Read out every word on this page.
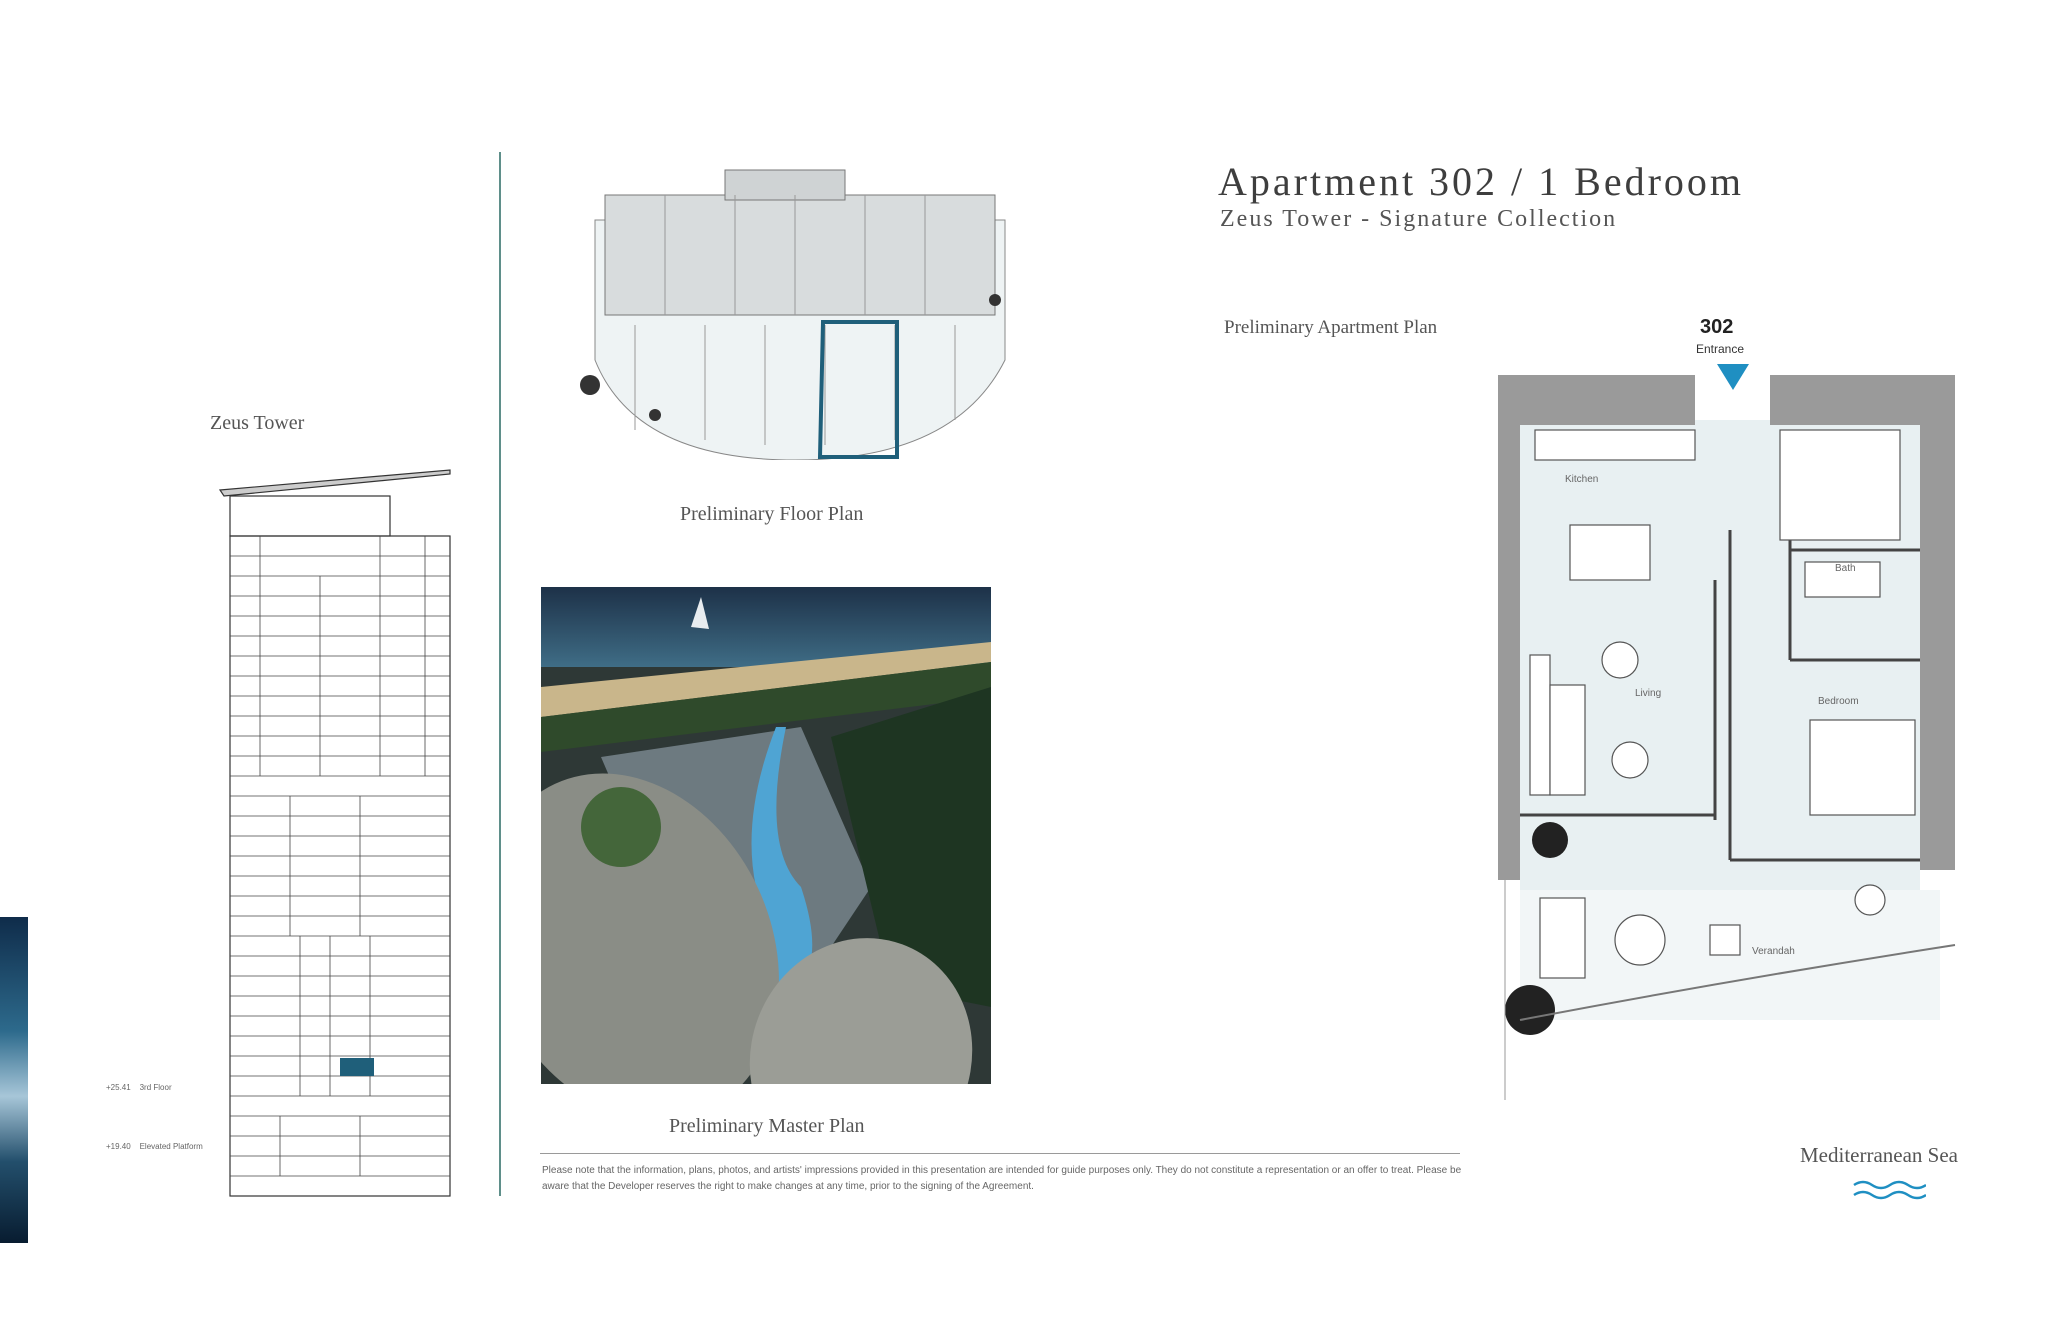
Apartment 302 / 1 Bedroom
Zeus Tower - Signature Collection
Zeus Tower
+25.41 3rd Floor
+19.40 Elevated Platform
Preliminary Floor Plan
Preliminary Master Plan
Preliminary Apartment Plan	302
Entrance
Kitchen
Bath
Living
Bedroom
Verandah
Please note that the information, plans, photos, and artists' impressions provided in this presentation are intended for guide purposes only. They do not constitute a representation or an offer to treat. Please be aware that the Developer reserves the right to make changes at any time, prior to the signing of the Agreement.
Mediterranean Sea
